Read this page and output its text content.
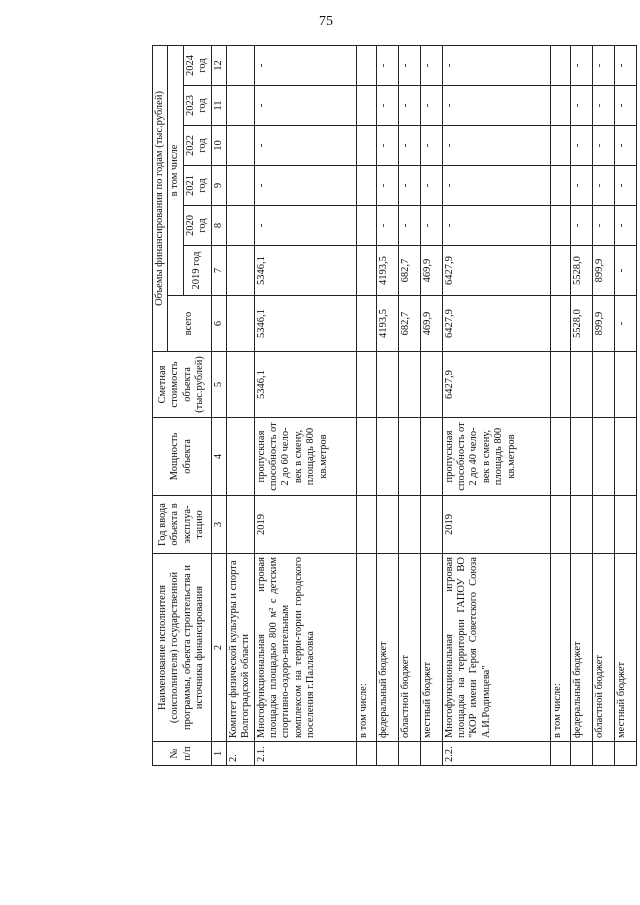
75
№ п/п	Наименование исполнителя (соисполнителя) государственной программы, объекта строительства и источника финансирования	Год ввода объекта в эксплуа-тацию	Мощность объекта	Сметная стоимость объекта (тыс.рублей)	Объемы финансирования по годам (тыс.рублей)						
					всего	в том числе					
						2019 год	2020 год	2021 год	2022 год	2023 год	2024 год
1	2	3	4	5	6	7	8	9	10	11	12
2.	Комитет физической культуры и спорта Волгоградской области										
2.1.	Многофункциональная игровая площадка площадью 800 м² с детским спортивно-оздоро-вительным комплексом на терри-тории городского поселения г.Палласовка	2019	пропускная способность от 2 до 60 чело-век в смену, площадь 800 кв.метров	5346,1	5346,1	5346,1	-	-	-	-	-
	в том числе:										
	федеральный бюджет				4193,5	4193,5	-	-	-	-	-
	областной бюджет				682,7	682,7	-	-	-	-	-
	местный бюджет				469,9	469,9	-	-	-	-	-
2.2.	Многофункциональная игровая площадка на территории ГАПОУ ВО "КОР имени Героя Советского Союза А.И.Родимцева"	2019	пропускная способность от 2 до 40 чело-век в смену, площадь 800 кв.метров	6427,9	6427,9	6427,9	-	-	-	-	-
	в том числе:										
	федеральный бюджет				5528,0	5528,0	-	-	-	-	-
	областной бюджет				899,9	899,9	-	-	-	-	-
	местный бюджет				-	-	-	-	-	-	-
